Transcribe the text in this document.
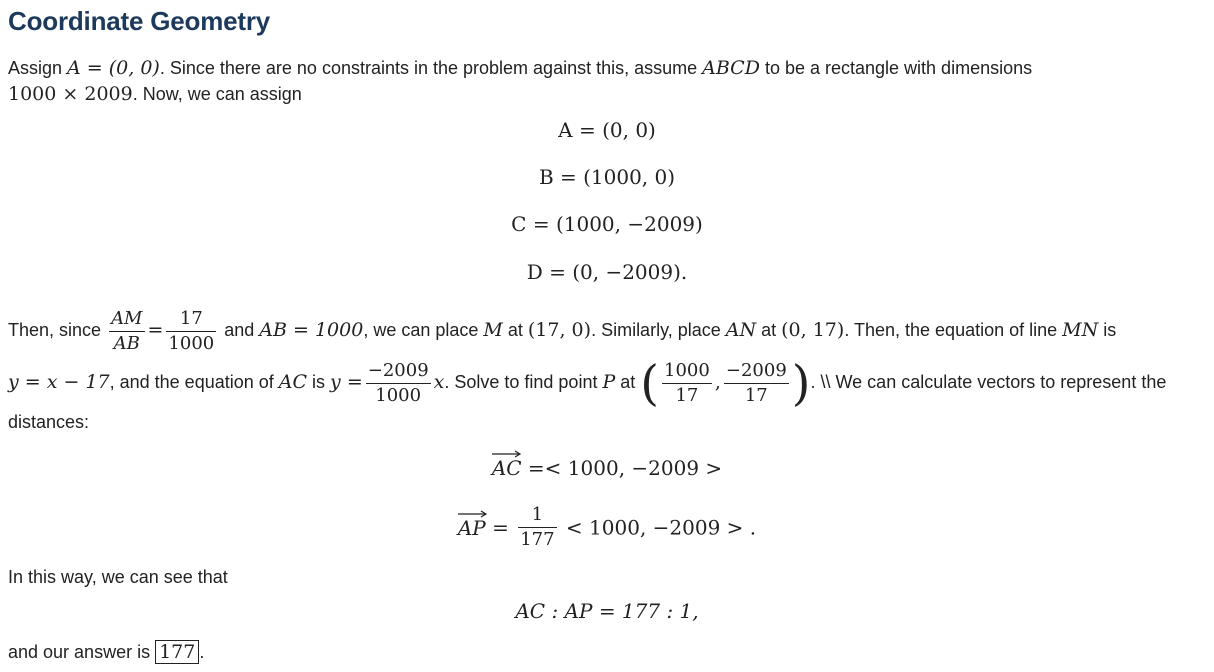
Coordinate Geometry
Assign A = (0, 0). Since there are no constraints in the problem against this, assume ABCD to be a rectangle with dimensions
1000 × 2009. Now, we can assign
A = (0, 0)
B = (1000, 0)
C = (1000, −2009)
D = (0, −2009).
Then, since $\frac{AM}{AB} = \frac{17}{1000}$ and AB = 1000, we can place M at (17, 0). Similarly, place AN at (0, 17). Then, the equation of line MN is
y = x − 17, and the equation of AC is $y = \frac{-2009}{1000} x$. Solve to find point P at ( $\frac{1000}{17}$ , $\frac{-2009}{17}$ ). \\ We can calculate vectors to represent the
distances:
AC =< 1000, −2009 >
AP = $\frac{1}{177} < 1000$, −2009 > .
In this way, we can see that
AC : AP = 177 : 1,
and our answer is 177 .
